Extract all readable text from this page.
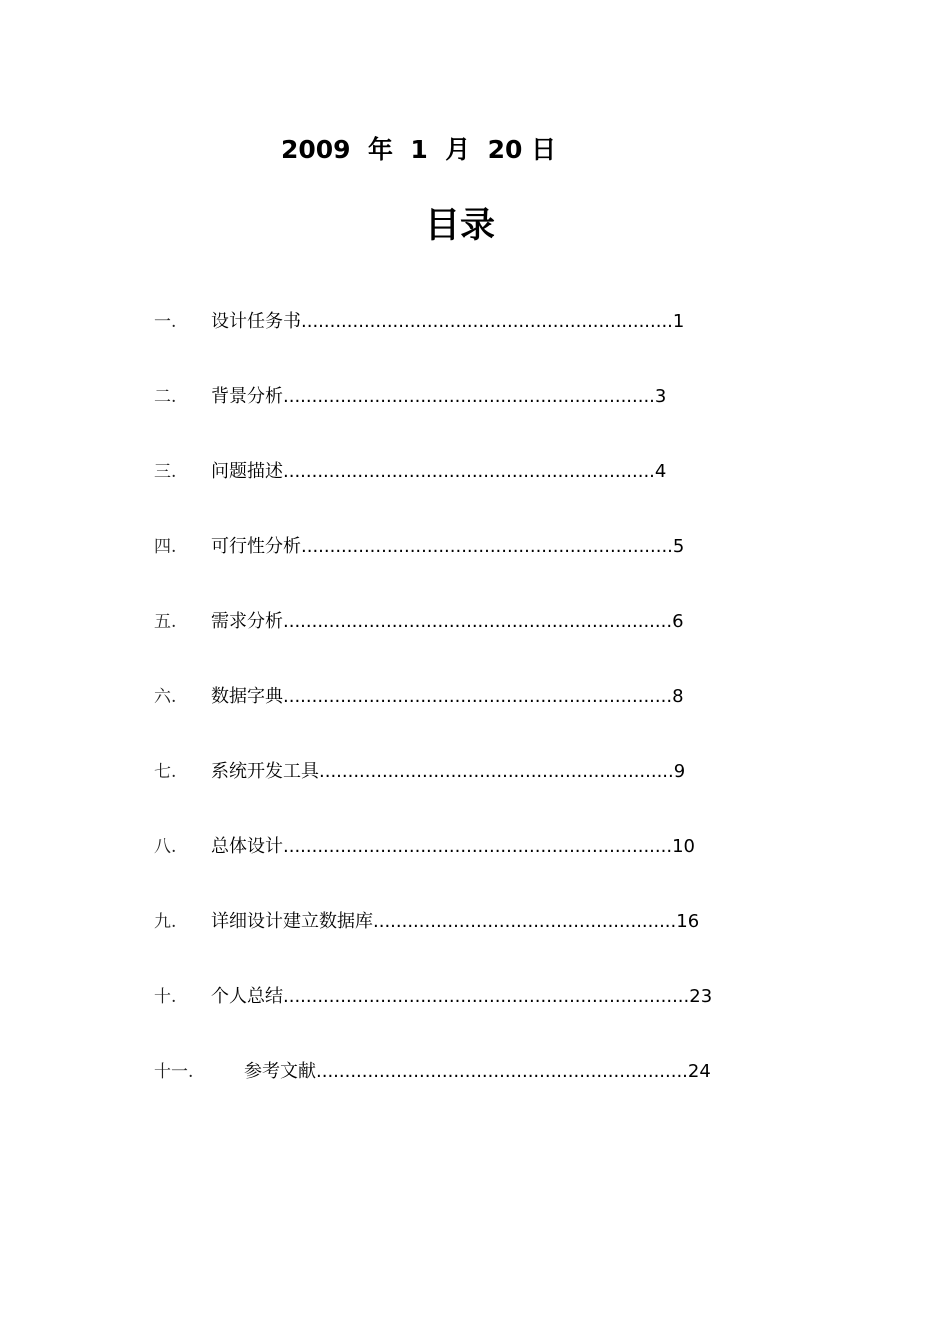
2009  年  1  月  20 日
目录
一. 设计任务书.................................................................1
二. 背景分析.................................................................3
三. 问题描述.................................................................4
四. 可行性分析.................................................................5
五. 需求分析....................................................................6
六. 数据字典....................................................................8
七. 系统开发工具..............................................................9
八. 总体设计....................................................................10
九. 详细设计建立数据库.....................................................16
十. 个人总结.......................................................................23
十一.	参考文献.................................................................24
